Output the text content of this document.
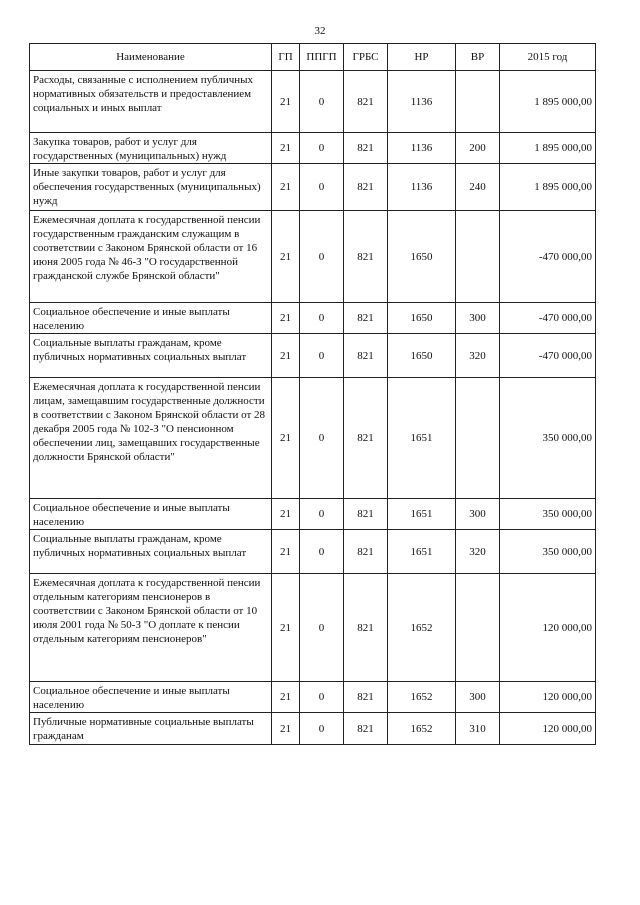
32
Наименование	ГП	ППГП	ГРБС	НР	ВР	2015 год
Расходы, связанные с исполнением публичных нормативных обязательств и предоставлением социальных и иных выплат	21	0	821	1136		1 895 000,00
Закупка товаров, работ и услуг для государственных (муниципальных) нужд	21	0	821	1136	200	1 895 000,00
Иные закупки товаров, работ и услуг для обеспечения государственных (муниципальных) нужд	21	0	821	1136	240	1 895 000,00
Ежемесячная доплата к государственной пенсии государственным гражданским служащим в соответствии с Законом Брянской области от 16 июня 2005 года № 46-З "О государственной гражданской службе Брянской области"	21	0	821	1650		-470 000,00
Социальное обеспечение и иные выплаты населению	21	0	821	1650	300	-470 000,00
Социальные выплаты гражданам, кроме публичных нормативных социальных выплат	21	0	821	1650	320	-470 000,00
Ежемесячная доплата к государственной пенсии лицам, замещавшим государственные должности в соответствии с Законом Брянской области от 28 декабря 2005 года № 102-З "О пенсионном обеспечении лиц, замещавших государственные должности Брянской области"	21	0	821	1651		350 000,00
Социальное обеспечение и иные выплаты населению	21	0	821	1651	300	350 000,00
Социальные выплаты гражданам, кроме публичных нормативных социальных выплат	21	0	821	1651	320	350 000,00
Ежемесячная доплата к государственной пенсии отдельным категориям пенсионеров в соответствии с Законом Брянской области от 10 июля 2001 года № 50-З "О доплате к пенсии отдельным категориям пенсионеров"	21	0	821	1652		120 000,00
Социальное обеспечение и иные выплаты населению	21	0	821	1652	300	120 000,00
Публичные нормативные социальные выплаты гражданам	21	0	821	1652	310	120 000,00
